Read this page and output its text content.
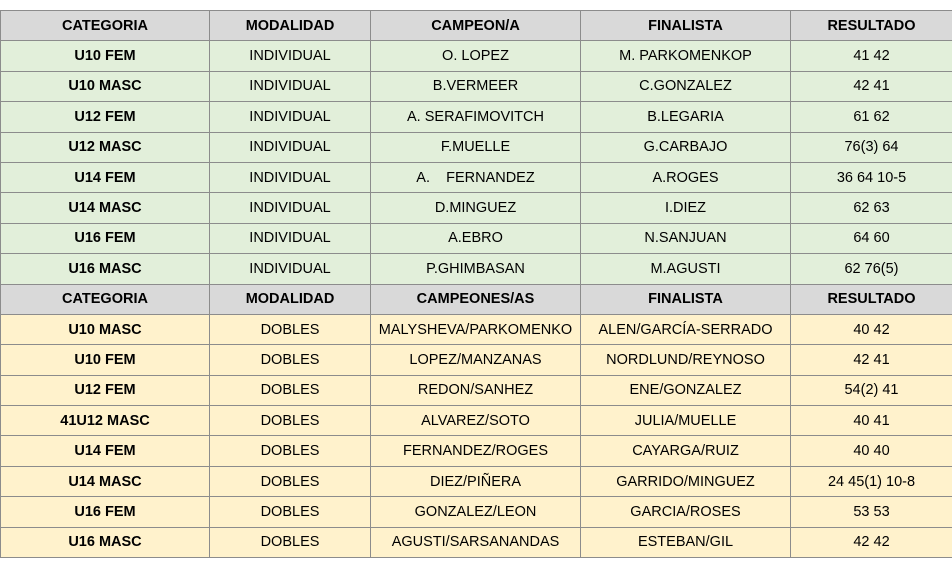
CATEGORIA	MODALIDAD	CAMPEON/A	FINALISTA	RESULTADO
U10 FEM	INDIVIDUAL	O. LOPEZ	M. PARKOMENKOP	41 42
U10 MASC	INDIVIDUAL	B.VERMEER	C.GONZALEZ	42 41
U12 FEM	INDIVIDUAL	A. SERAFIMOVITCH	B.LEGARIA	61 62
U12 MASC	INDIVIDUAL	F.MUELLE	G.CARBAJO	76(3) 64
U14 FEM	INDIVIDUAL	A.    FERNANDEZ	A.ROGES	36 64 10-5
U14 MASC	INDIVIDUAL	D.MINGUEZ	I.DIEZ	62 63
U16 FEM	INDIVIDUAL	A.EBRO	N.SANJUAN	64 60
U16 MASC	INDIVIDUAL	P.GHIMBASAN	M.AGUSTI	62 76(5)
CATEGORIA	MODALIDAD	CAMPEONES/AS	FINALISTA	RESULTADO
U10 MASC	DOBLES	MALYSHEVA/PARKOMENKO	ALEN/GARCÍA-SERRADO	40 42
U10 FEM	DOBLES	LOPEZ/MANZANAS	NORDLUND/REYNOSO	42 41
U12 FEM	DOBLES	REDON/SANHEZ	ENE/GONZALEZ	54(2) 41
41U12 MASC	DOBLES	ALVAREZ/SOTO	JULIA/MUELLE	40 41
U14 FEM	DOBLES	FERNANDEZ/ROGES	CAYARGA/RUIZ	40 40
U14 MASC	DOBLES	DIEZ/PIÑERA	GARRIDO/MINGUEZ	24 45(1) 10-8
U16 FEM	DOBLES	GONZALEZ/LEON	GARCIA/ROSES	53 53
U16 MASC	DOBLES	AGUSTI/SARSANANDAS	ESTEBAN/GIL	42 42
